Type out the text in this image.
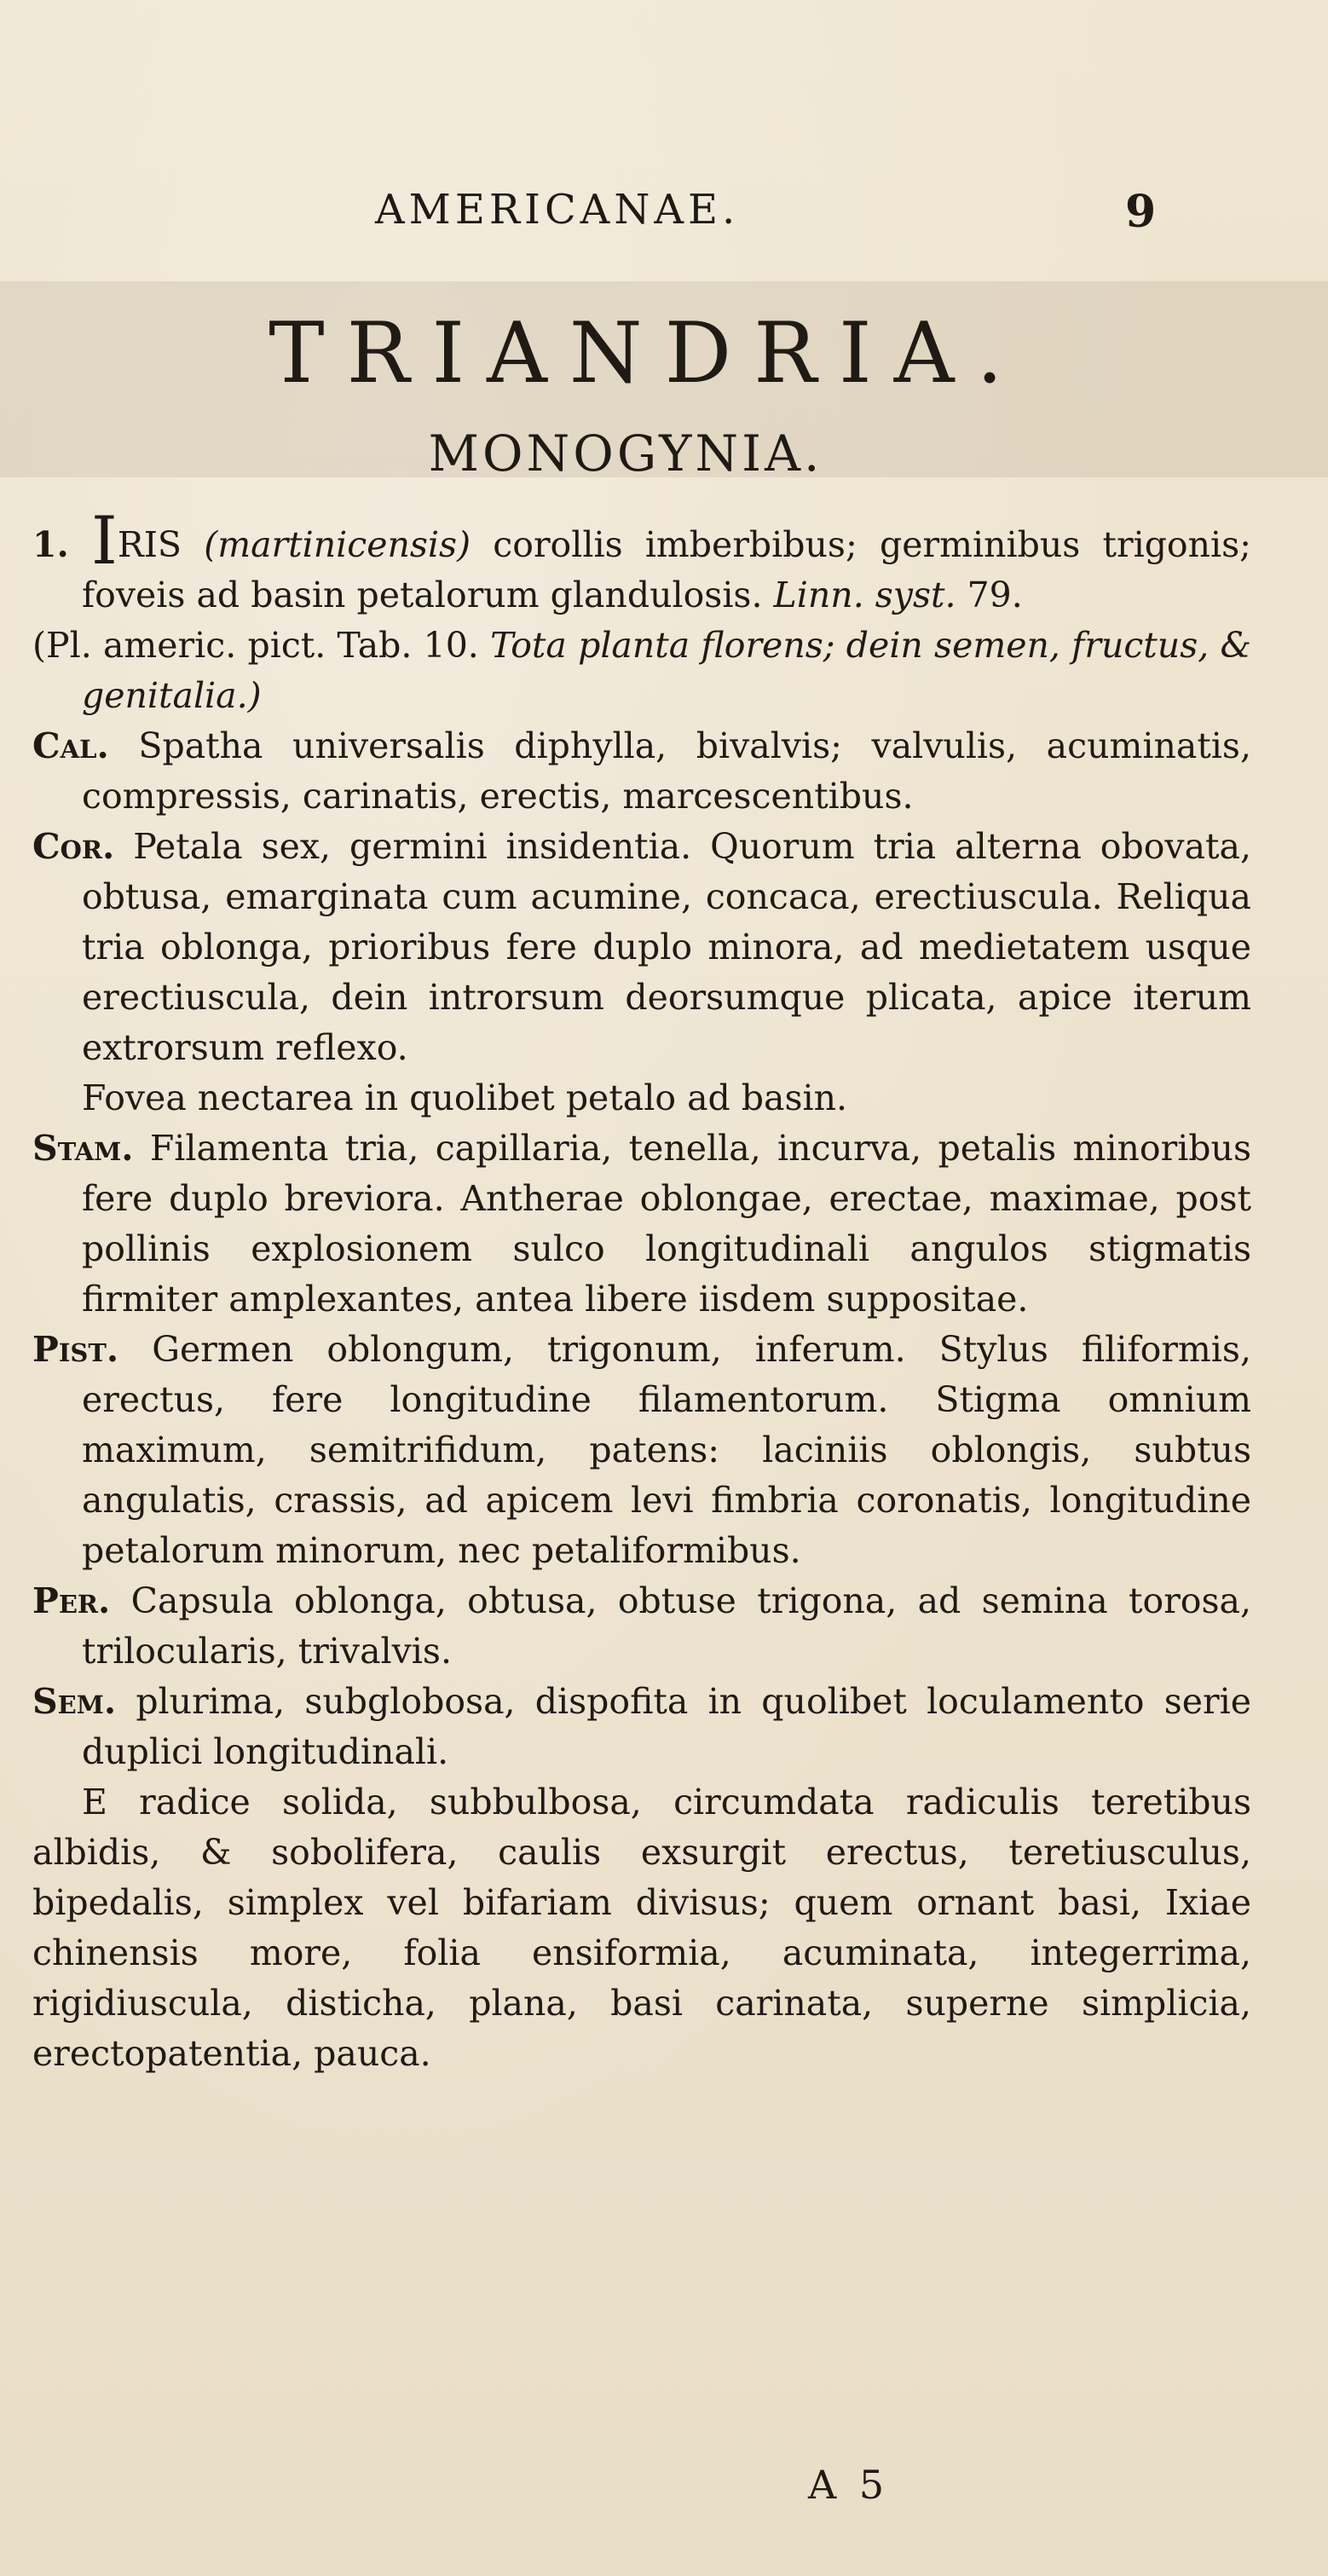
AMERICANAE.	9
TRIANDRIA.
MONOGYNIA.

1. IRIS (martinicensis) corollis imberbibus; germinibus trigonis; foveis ad basin petalorum glandulosis. Linn. syst. 79.

(Pl. americ. pict. Tab. 10. Tota planta florens; dein semen, fructus, & genitalia.)

Cal. Spatha universalis diphylla, bivalvis; valvulis, acuminatis, compressis, carinatis, erectis, marcescentibus.

Cor. Petala sex, germini insidentia. Quorum tria alterna obovata, obtusa, emarginata cum acumine, concaca, erectiuscula. Reliqua tria oblonga, prioribus fere duplo minora, ad medietatem usque erectiuscula, dein introrsum deorsumque plicata, apice iterum extrorsum reflexo.

Fovea nectarea in quolibet petalo ad basin.

Stam. Filamenta tria, capillaria, tenella, incurva, petalis minoribus fere duplo breviora. Antherae oblongae, erectae, maximae, post pollinis explosionem sulco longitudinali angulos stigmatis firmiter amplexantes, antea libere iisdem suppositae.

Pist. Germen oblongum, trigonum, inferum. Stylus filiformis, erectus, fere longitudine filamentorum. Stigma omnium maximum, semitrifidum, patens: laciniis oblongis, subtus angulatis, crassis, ad apicem levi fimbria coronatis, longitudine petalorum minorum, nec petaliformibus.

Per. Capsula oblonga, obtusa, obtuse trigona, ad semina torosa, trilocularis, trivalvis.

Sem. plurima, subglobosa, dispofita in quolibet loculamento serie duplici longitudinali.

E radice solida, subbulbosa, circumdata radiculis teretibus albidis, & sobolifera, caulis exsurgit erectus, teretiusculus, bipedalis, simplex vel bifariam divisus; quem ornant basi, Ixiae chinensis more, folia ensiformia, acuminata, integerrima, rigidiuscula, disticha, plana, basi carinata, superne simplicia, erectopatentia, pauca.

A 5
